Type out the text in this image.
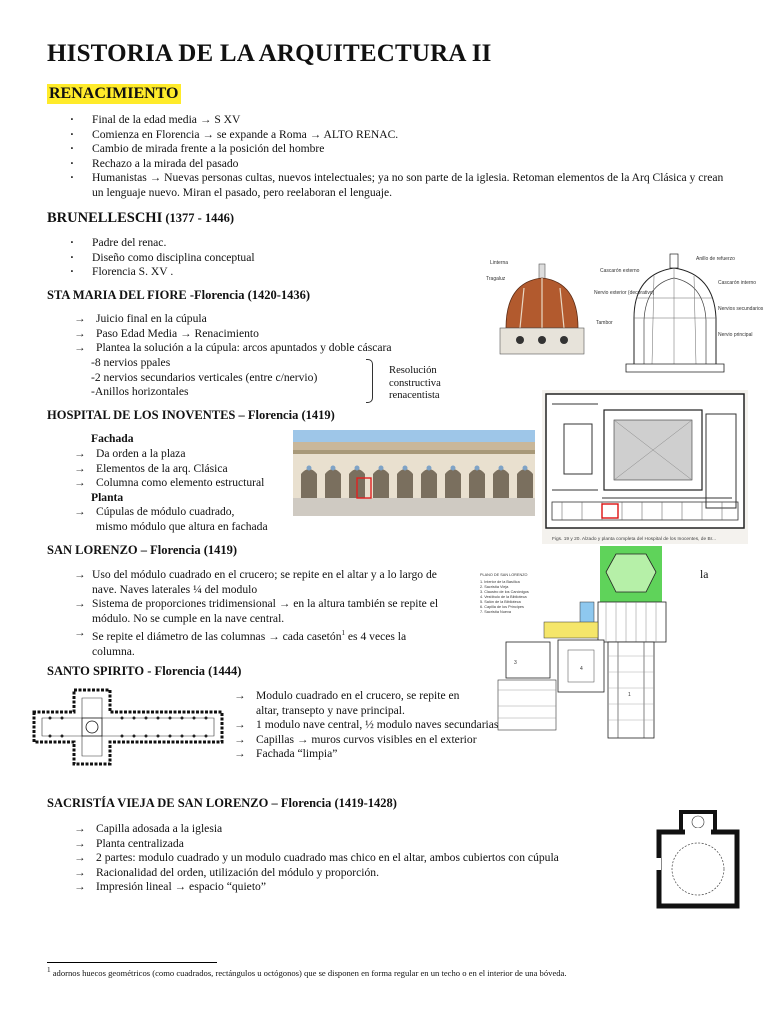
HISTORIA DE LA ARQUITECTURA II
RENACIMIENTO
· Final de la edad media → S XV
· Comienza en Florencia → se expande a Roma → ALTO RENAC.
· Cambio de mirada frente a la posición del hombre
· Rechazo a la mirada del pasado
· Humanistas → Nuevas personas cultas, nuevos intelectuales; ya no son parte de la iglesia. Retoman elementos de la Arq Clásica y crean un lenguaje nuevo. Miran el pasado, pero reelaboran el lenguaje.
BRUNELLESCHI (1377 - 1446)
· Padre del renac.
· Diseño como disciplina conceptual
· Florencia S. XV .
Linterna
Tragaluz
Cascarón externo
Nervio exterior (decorativo)
Tambor
Anillo de refuerzo
Cascarón interno
Nervios secundarios
Nervio principal
STA MARIA DEL FIORE -Florencia (1420-1436)
→ Juicio final en la cúpula
→ Paso Edad Media → Renacimiento
→ Plantea la solución a la cúpula: arcos apuntados y doble cáscara
-8 nervios ppales
-2 nervios secundarios verticales (entre c/nervio)
-Anillos horizontales
Resolución constructiva renacentista
HOSPITAL DE LOS INOVENTES – Florencia (1419)
Figs. 19 y 20. Alzado y planta completa del Hospital de los Inocentes, de Br...
Fachada
→ Da orden a la plaza
→ Elementos de la arq. Clásica
→ Columna como elemento estructural
Planta
→ Cúpulas de módulo cuadrado,
mismo módulo que altura en fachada
SAN LORENZO – Florencia (1419)
3
4
1
PLANO DE SAN LORENZO
1. Interior de la Basílica
2. Sacristía Vieja
3. Claustro de los Canónigos
4. Vestíbulo de la Biblioteca
5. Salón de la Biblioteca
6. Capilla de los Príncipes
7. Sacristía Nueva
→ Uso del módulo cuadrado en el crucero; se repite en el altar y a lo largo de
nave. Naves laterales ¼ del modulo
→ Sistema de proporciones tridimensional → en la altura también se repite el
módulo. No se cumple en la nave central.
→ Se repite el diámetro de las columnas → cada casetón$^1$ es 4 veces la
columna.
la
SANTO SPIRITO - Florencia (1444)
→ Modulo cuadrado en el crucero, se repite en
altar, transepto y nave principal.
→ 1 modulo nave central, ½ modulo naves secundarias
→ Capillas → muros curvos visibles en el exterior
→ Fachada “limpia”
SACRISTÍA VIEJA DE SAN LORENZO – Florencia (1419-1428)
→ Capilla adosada a la iglesia
→ Planta centralizada
→ 2 partes: modulo cuadrado y un modulo cuadrado mas chico en el altar, ambos cubiertos con cúpula
→ Racionalidad del orden, utilización del módulo y proporción.
→ Impresión lineal → espacio “quieto”
$^1$ adornos huecos geométricos (como cuadrados, rectángulos u octógonos) que se disponen en forma regular en un techo o en el interior de una bóveda.
